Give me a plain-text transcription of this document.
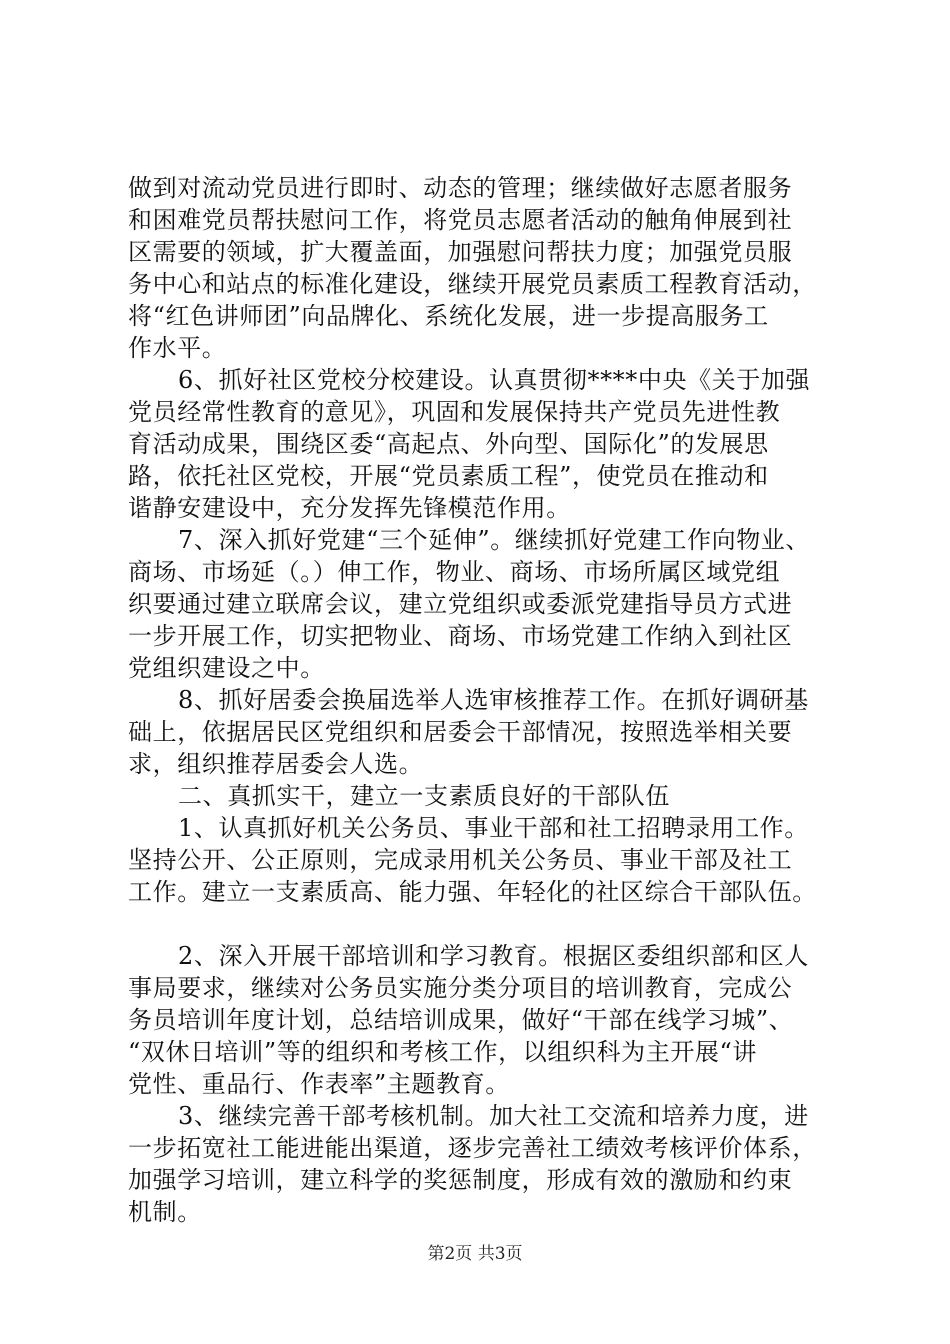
做到对流动党员进行即时、动态的管理；继续做好志愿者服务
和困难党员帮扶慰问工作，将党员志愿者活动的触角伸展到社
区需要的领域，扩大覆盖面，加强慰问帮扶力度；加强党员服
务中心和站点的标准化建设，继续开展党员素质工程教育活动，
将“红色讲师团”向品牌化、系统化发展，进一步提高服务工
作水平。
6、抓好社区党校分校建设。认真贯彻****中央《关于加强
党员经常性教育的意见》，巩固和发展保持共产党员先进性教
育活动成果，围绕区委“高起点、外向型、国际化”的发展思
路，依托社区党校，开展“党员素质工程”，使党员在推动和
谐静安建设中，充分发挥先锋模范作用。
7、深入抓好党建“三个延伸”。继续抓好党建工作向物业、
商场、市场延（。）伸工作，物业、商场、市场所属区域党组
织要通过建立联席会议，建立党组织或委派党建指导员方式进
一步开展工作，切实把物业、商场、市场党建工作纳入到社区
党组织建设之中。
8、抓好居委会换届选举人选审核推荐工作。在抓好调研基
础上，依据居民区党组织和居委会干部情况，按照选举相关要
求，组织推荐居委会人选。
二、真抓实干，建立一支素质良好的干部队伍
1、认真抓好机关公务员、事业干部和社工招聘录用工作。
坚持公开、公正原则，完成录用机关公务员、事业干部及社工
工作。建立一支素质高、能力强、年轻化的社区综合干部队伍。
2、深入开展干部培训和学习教育。根据区委组织部和区人
事局要求，继续对公务员实施分类分项目的培训教育，完成公
务员培训年度计划，总结培训成果，做好“干部在线学习城”、
“双休日培训”等的组织和考核工作，以组织科为主开展“讲
党性、重品行、作表率”主题教育。
3、继续完善干部考核机制。加大社工交流和培养力度，进
一步拓宽社工能进能出渠道，逐步完善社工绩效考核评价体系，
加强学习培训，建立科学的奖惩制度，形成有效的激励和约束
机制。
第2页 共3页
